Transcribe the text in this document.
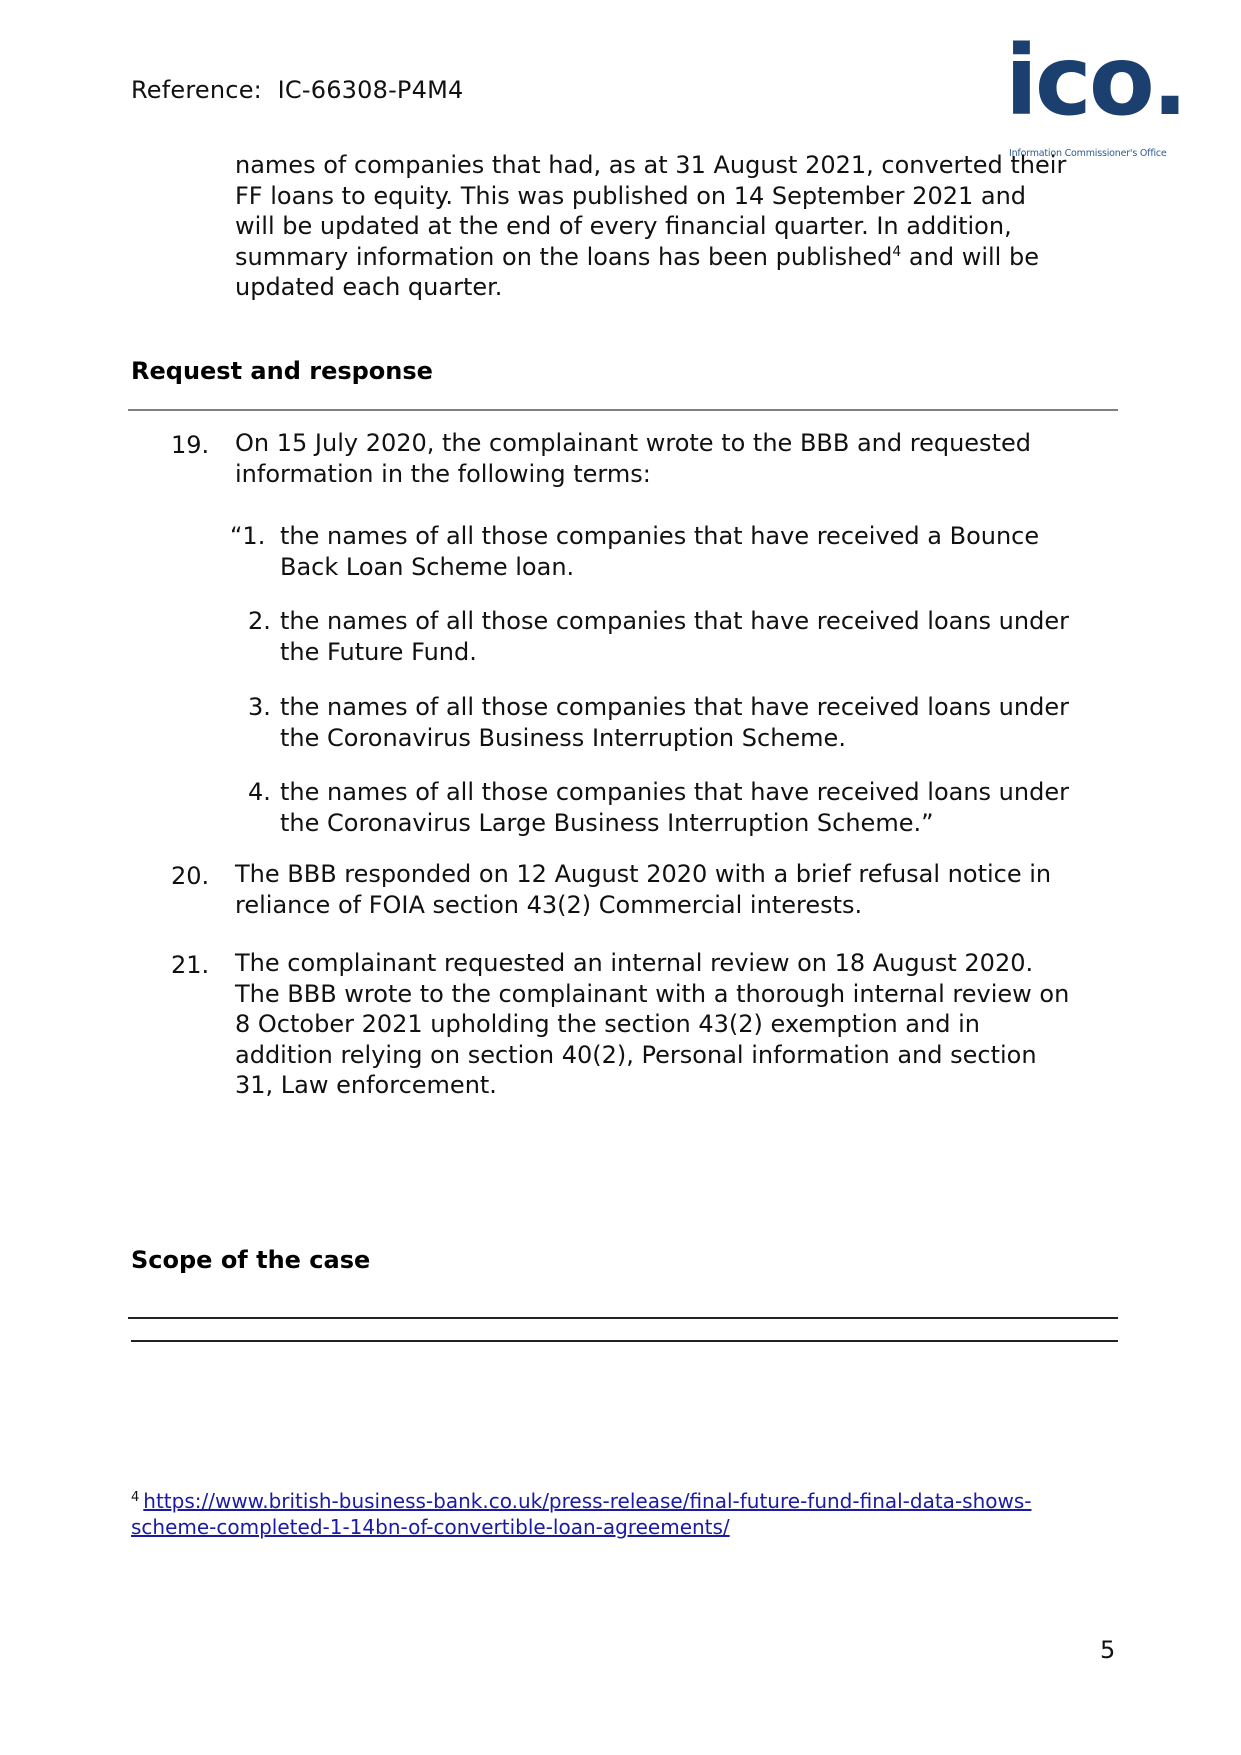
Reference: IC-66308-P4M4	ico.
Information Commissioner's Office
names of companies that had, as at 31 August 2021, converted their
FF loans to equity. This was published on 14 September 2021 and
will be updated at the end of every financial quarter. In addition,
summary information on the loans has been published$^4$ and will be
updated each quarter.
Request and response
19. On 15 July 2020, the complainant wrote to the BBB and requested
information in the following terms:
“1. the names of all those companies that have received a Bounce
Back Loan Scheme loan.
2. the names of all those companies that have received loans under
the Future Fund.
3. the names of all those companies that have received loans under
the Coronavirus Business Interruption Scheme.
4. the names of all those companies that have received loans under
the Coronavirus Large Business Interruption Scheme.”
20. The BBB responded on 12 August 2020 with a brief refusal notice in
reliance of FOIA section 43(2) Commercial interests.
21. The complainant requested an internal review on 18 August 2020.
The BBB wrote to the complainant with a thorough internal review on
8 October 2021 upholding the section 43(2) exemption and in
addition relying on section 40(2), Personal information and section
31, Law enforcement.
Scope of the case
$^4$ https://www.british-business-bank.co.uk/press-release/final-future-fund-final-data-shows-
scheme-completed-1-14bn-of-convertible-loan-agreements/
5
